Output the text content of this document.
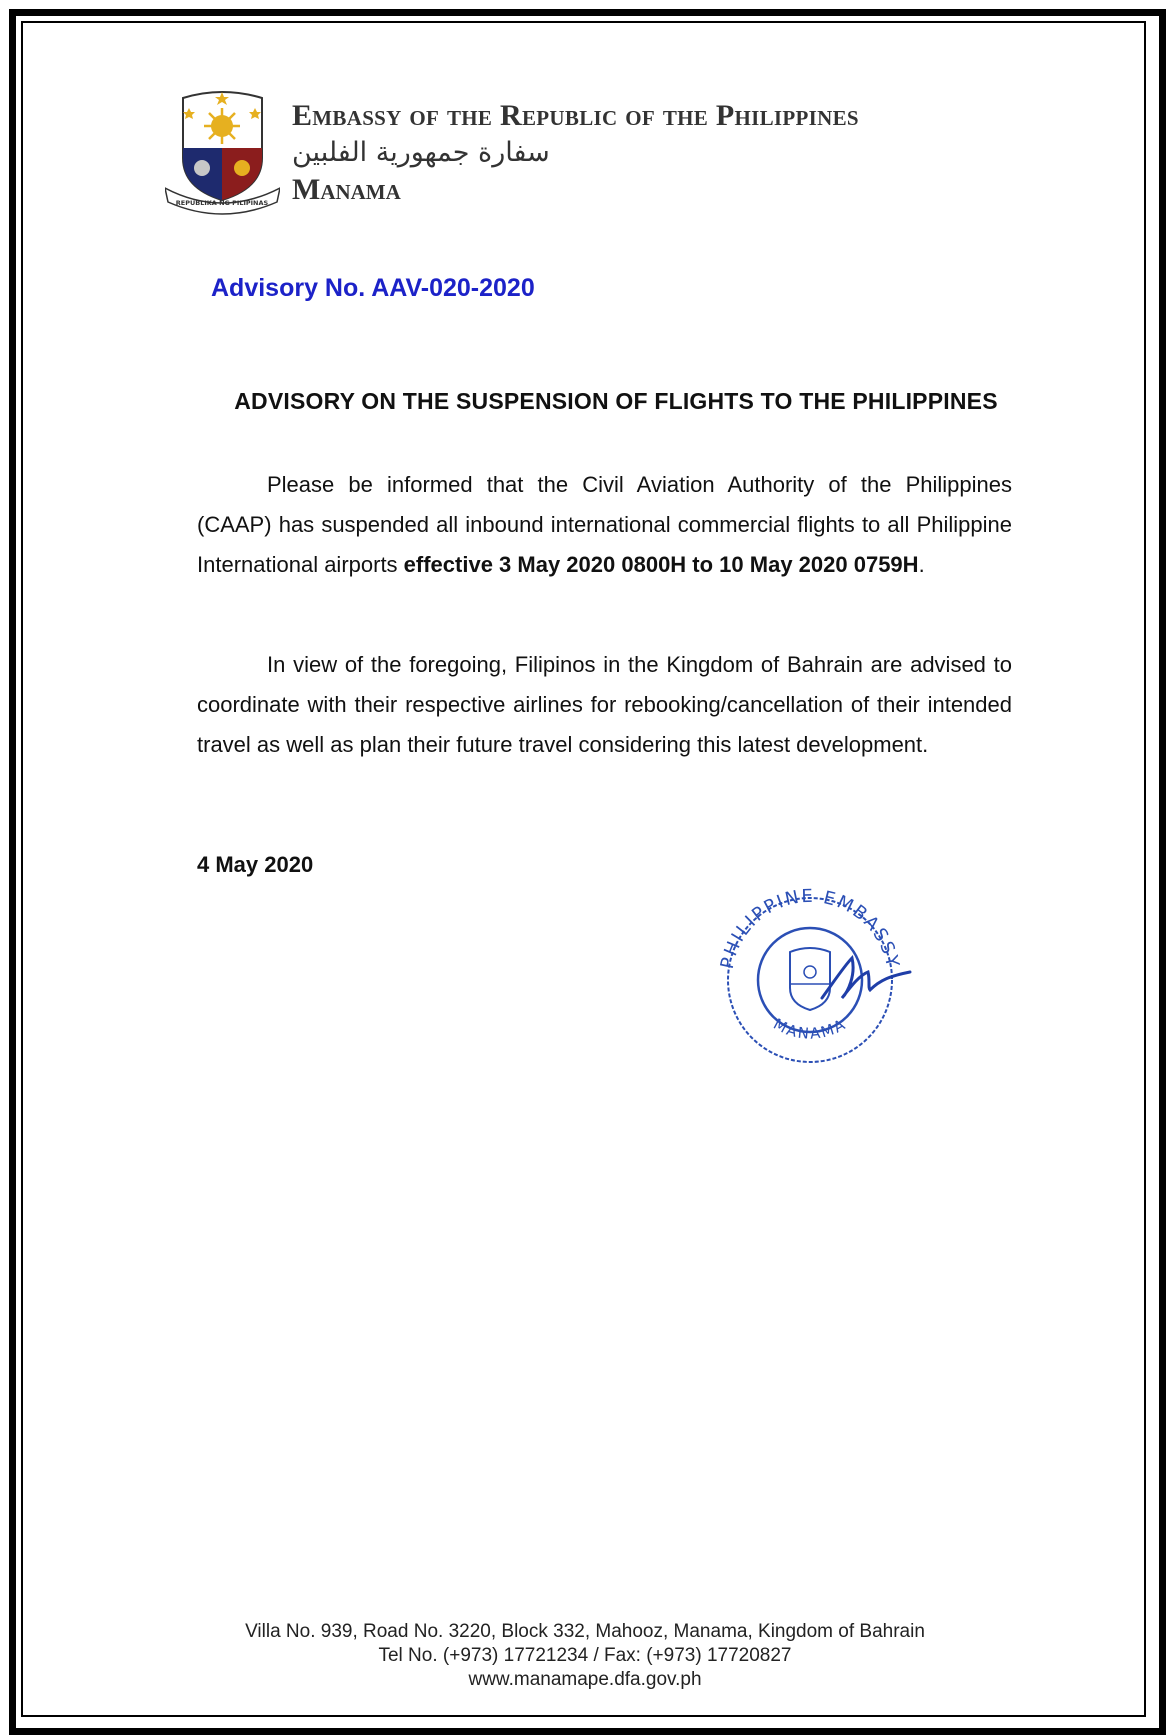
REPUBLIKA NG PILIPINAS
Embassy of the Republic of the Philippines
سفارة جمهورية الفلبين
Manama
Advisory No. AAV-020-2020
ADVISORY ON THE SUSPENSION OF FLIGHTS TO THE PHILIPPINES

Please be informed that the Civil Aviation Authority of the Philippines (CAAP) has suspended all inbound international commercial flights to all Philippine International airports effective 3 May 2020 0800H to 10 May 2020 0759H.

In view of the foregoing, Filipinos in the Kingdom of Bahrain are advised to coordinate with their respective airlines for rebooking/cancellation of their intended travel as well as plan their future travel considering this latest development.

4 May 2020
PHILIPPINE EMBASSY
MANAMA
Villa No. 939, Road No. 3220, Block 332, Mahooz, Manama, Kingdom of Bahrain
Tel No. (+973) 17721234 / Fax: (+973) 17720827
www.manamape.dfa.gov.ph
